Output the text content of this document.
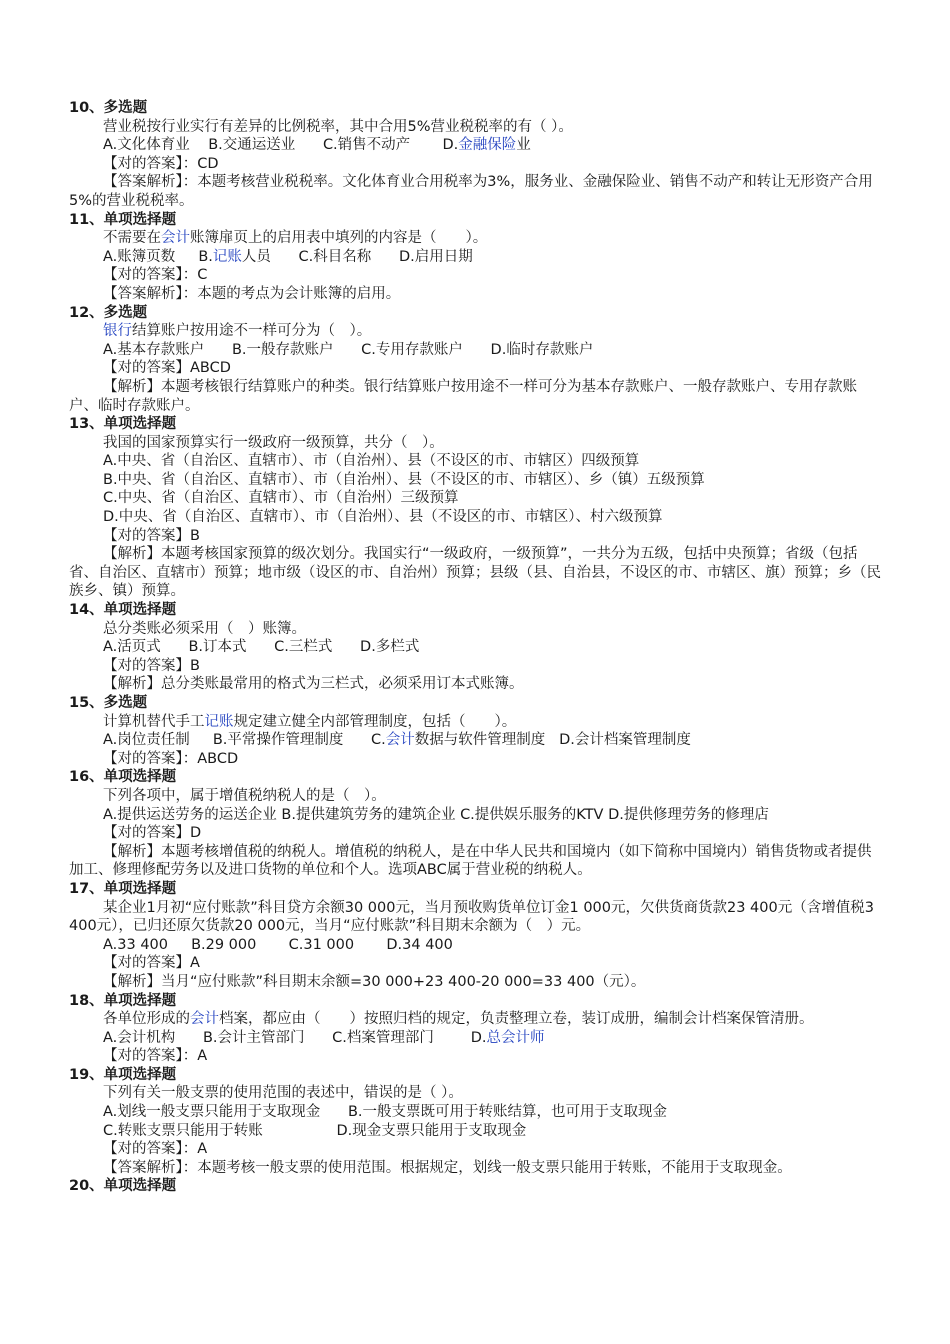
10、多选题
营业税按行业实行有差异的比例税率，其中合用5%营业税税率的有（ ）。
A.文化体育业 B.交通运送业 C.销售不动产 D.金融保险业
【对的答案】：CD
【答案解析】：本题考核营业税税率。文化体育业合用税率为3%，服务业、金融保险业、销售不动产和转让无形资产合用5%的营业税税率。
11、单项选择题
不需要在会计账簿扉页上的启用表中填列的内容是（　　）。
A.账簿页数 B.记账人员 C.科目名称 D.启用日期
【对的答案】：C
【答案解析】：本题的考点为会计账簿的启用。
12、多选题
银行结算账户按用途不一样可分为（　）。
A.基本存款账户 B.一般存款账户 C.专用存款账户 D.临时存款账户
【对的答案】ABCD
【解析】本题考核银行结算账户的种类。银行结算账户按用途不一样可分为基本存款账户、一般存款账户、专用存款账户、临时存款账户。
13、单项选择题
我国的国家预算实行一级政府一级预算，共分（　）。
A.中央、省（自治区、直辖市）、市（自治州）、县（不设区的市、市辖区）四级预算
B.中央、省（自治区、直辖市）、市（自治州）、县（不设区的市、市辖区）、乡（镇）五级预算
C.中央、省（自治区、直辖市）、市（自治州）三级预算
D.中央、省（自治区、直辖市）、市（自治州）、县（不设区的市、市辖区）、村六级预算
【对的答案】B
【解析】本题考核国家预算的级次划分。我国实行“一级政府，一级预算”，一共分为五级，包括中央预算；省级（包括省、自治区、直辖市）预算；地市级（设区的市、自治州）预算；县级（县、自治县，不设区的市、市辖区、旗）预算；乡（民族乡、镇）预算。
14、单项选择题
总分类账必须采用（　）账簿。
A.活页式 B.订本式 C.三栏式 D.多栏式
【对的答案】B
【解析】总分类账最常用的格式为三栏式，必须采用订本式账簿。
15、多选题
计算机替代手工记账规定建立健全内部管理制度，包括（　　）。
A.岗位责任制 B.平常操作管理制度 C.会计数据与软件管理制度 D.会计档案管理制度
【对的答案】：ABCD
16、单项选择题
下列各项中，属于增值税纳税人的是（　）。
A.提供运送劳务的运送企业 B.提供建筑劳务的建筑企业 C.提供娱乐服务的KTV D.提供修理劳务的修理店
【对的答案】D
【解析】本题考核增值税的纳税人。增值税的纳税人，是在中华人民共和国境内（如下简称中国境内）销售货物或者提供加工、修理修配劳务以及进口货物的单位和个人。选项ABC属于营业税的纳税人。
17、单项选择题
某企业1月初“应付账款”科目贷方余额30 000元，当月预收购货单位订金1 000元，欠供货商货款23 400元（含增值税3 400元），已归还原欠货款20 000元，当月“应付账款”科目期末余额为（　）元。
A.33 400 B.29 000 C.31 000 D.34 400
【对的答案】A
【解析】当月“应付账款”科目期末余额=30 000+23 400-20 000=33 400（元）。
18、单项选择题
各单位形成的会计档案，都应由（　　）按照归档的规定，负责整理立卷，装订成册，编制会计档案保管清册。
A.会计机构 B.会计主管部门 C.档案管理部门	D.总会计师
【对的答案】：A
19、单项选择题
下列有关一般支票的使用范围的表述中，错误的是（ ）。
A.划线一般支票只能用于支取现金 B.一般支票既可用于转账结算，也可用于支取现金
C.转账支票只能用于转账	D.现金支票只能用于支取现金
【对的答案】：A
【答案解析】：本题考核一般支票的使用范围。根据规定，划线一般支票只能用于转账，不能用于支取现金。
20、单项选择题
